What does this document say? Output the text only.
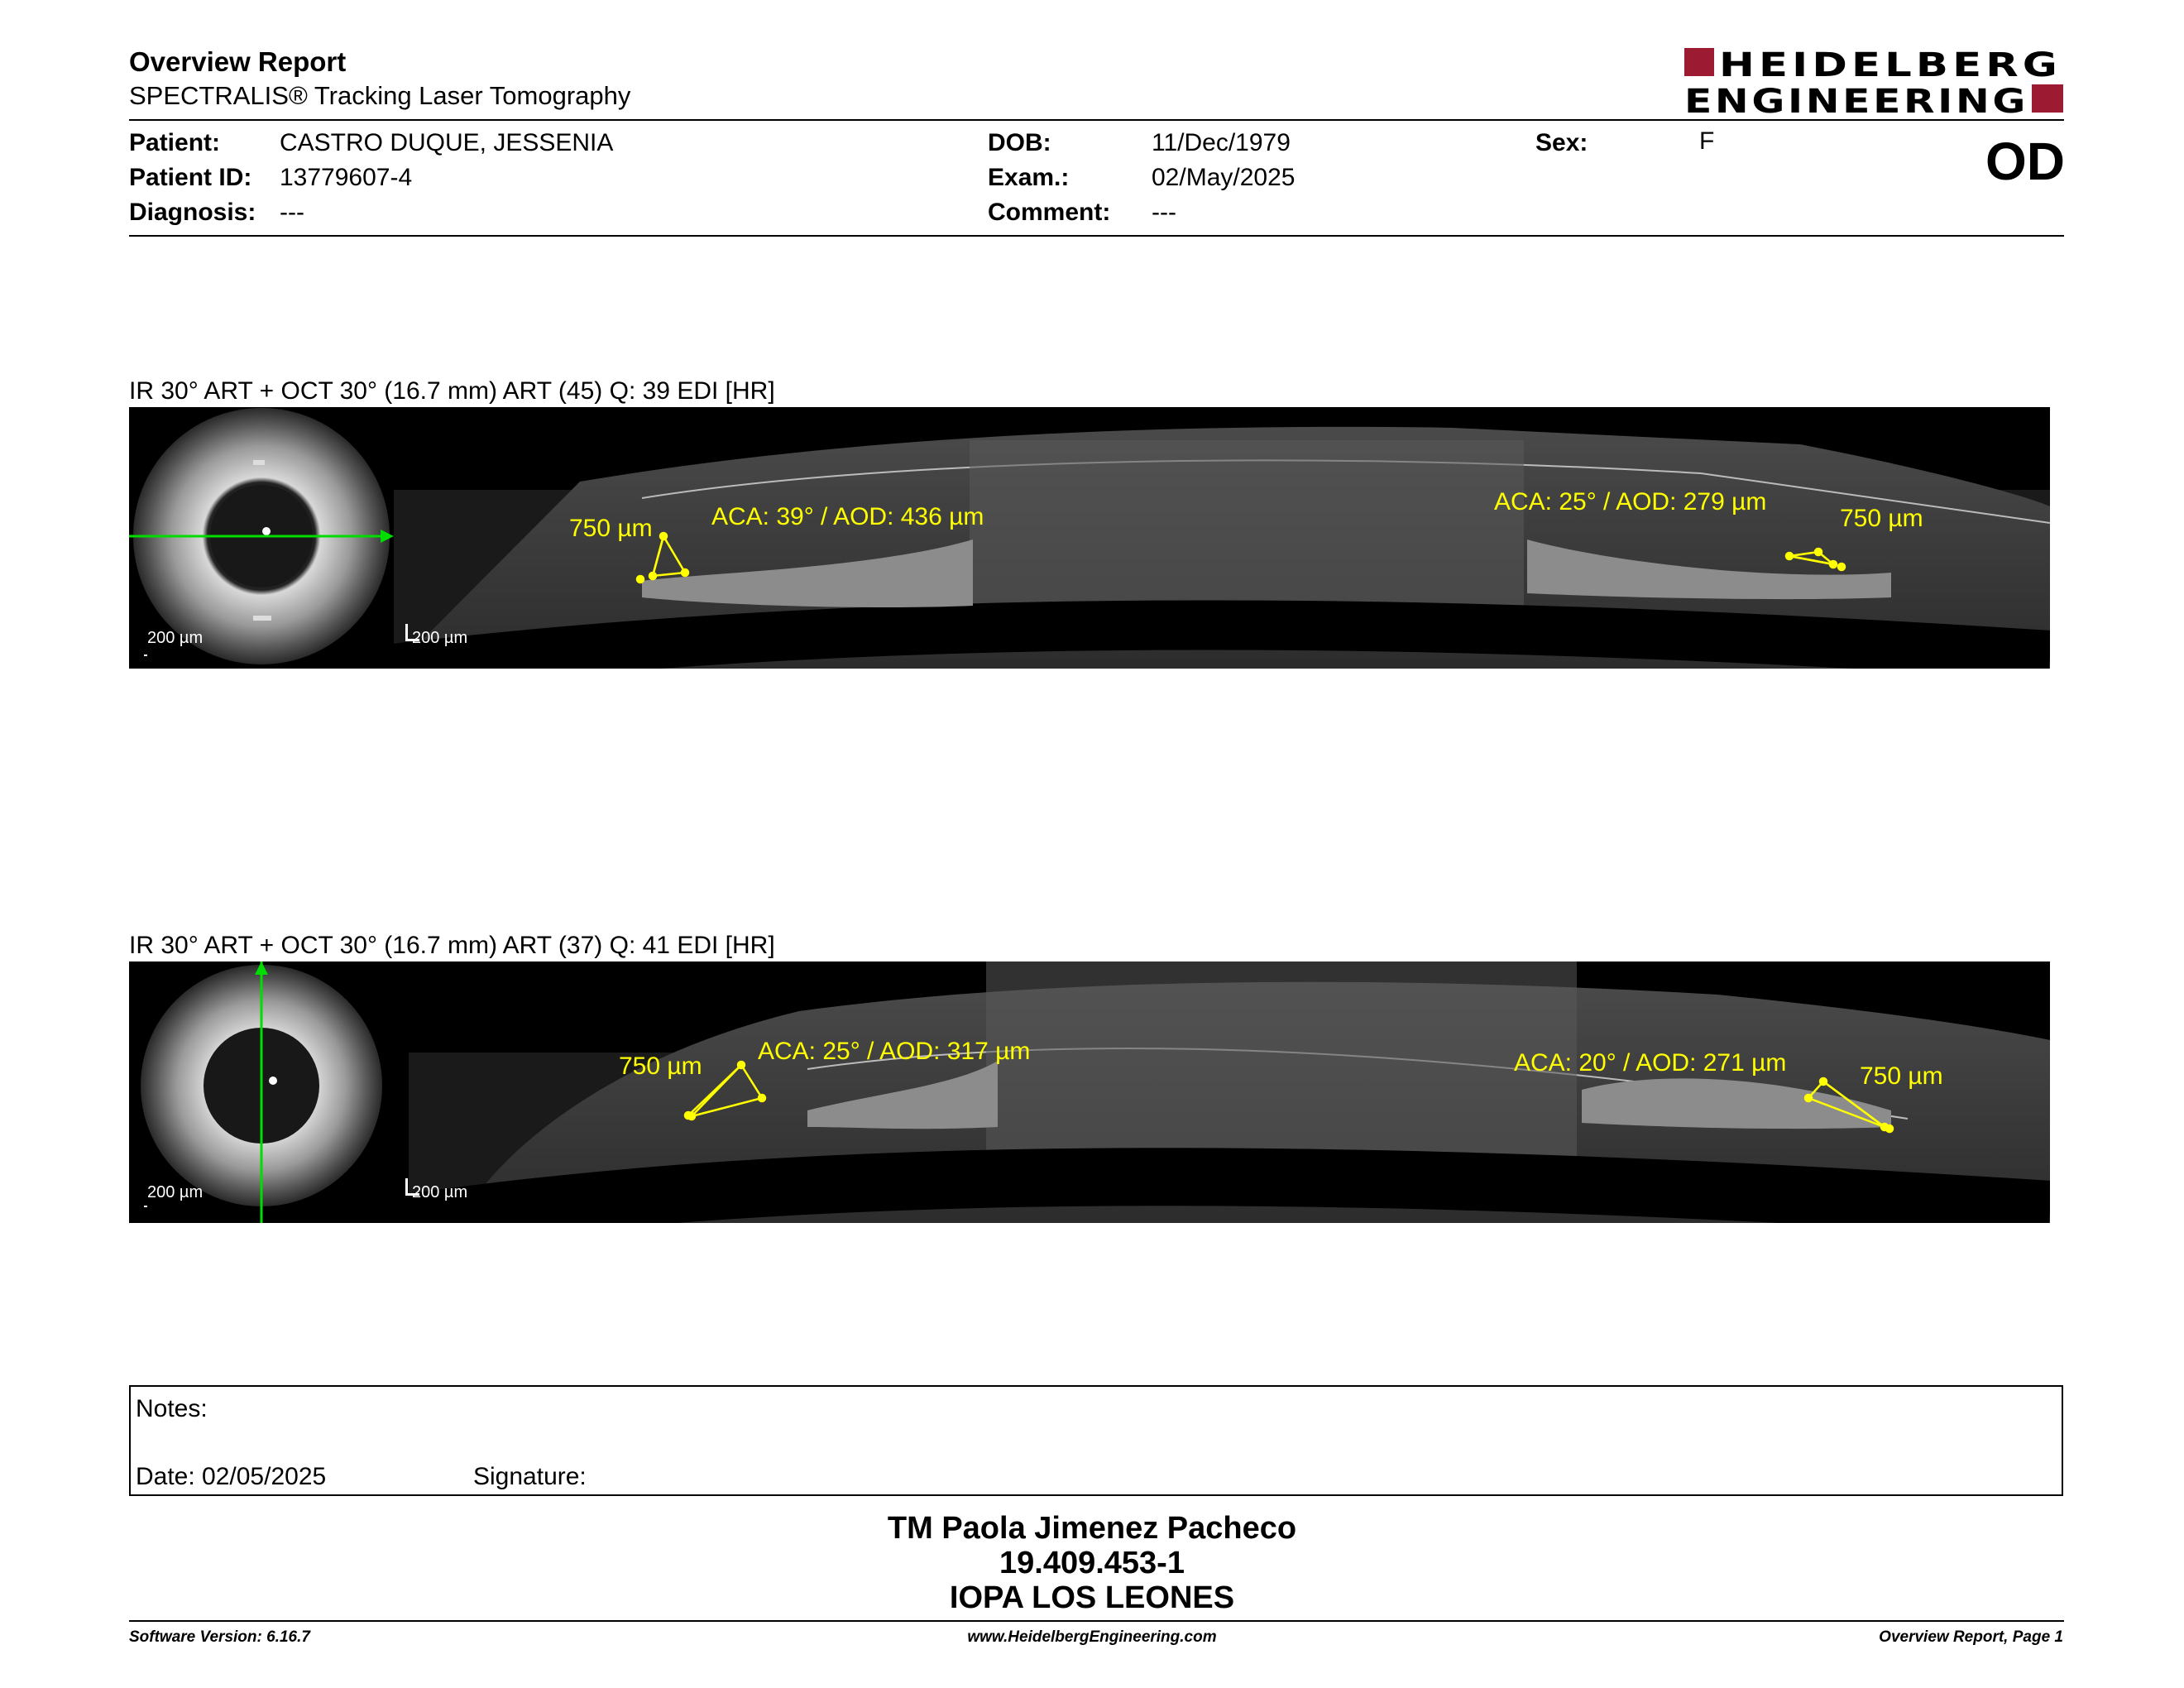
Overview Report
SPECTRALIS® Tracking Laser Tomography
HEIDELBERG
ENGINEERING
Patient: CASTRO DUQUE, JESSENIA
Patient ID: 13779607-4
Diagnosis: ---
DOB:	11/Dec/1979
Exam.:	02/May/2025
Comment: ---
Sex:	F	OD
IR 30° ART + OCT 30° (16.7 mm) ART (45) Q: 39 EDI [HR]
200 µm	200 µm
750 µm ACA: 39° / AOD: 436 µm
ACA: 25° / AOD: 279 µm
750 µm
IR 30° ART + OCT 30° (16.7 mm) ART (37) Q: 41 EDI [HR]
200 µm	200 µm
750 µm
ACA: 25° / AOD: 317 µm	ACA: 20° / AOD: 271 µm	750 µm
Notes:
Date: 02/05/2025	Signature:
TM Paola Jimenez Pacheco
19.409.453-1
IOPA LOS LEONES
Software Version: 6.16.7	www.HeidelbergEngineering.com	Overview Report, Page 1
